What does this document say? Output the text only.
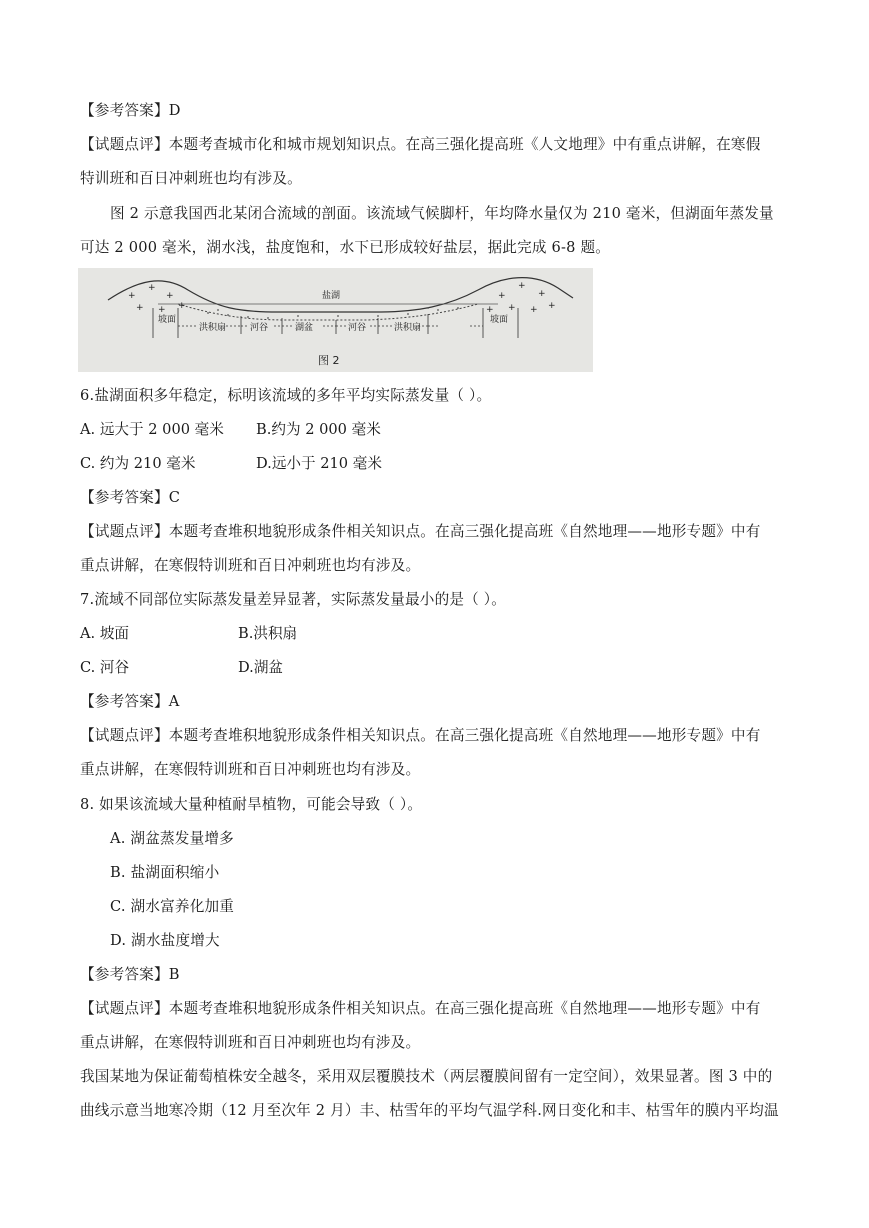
【参考答案】D
【试题点评】本题考查城市化和城市规划知识点。在高三强化提高班《人文地理》中有重点讲解，在寒假
特训班和百日冲刺班也均有涉及。
图 2 示意我国西北某闭合流域的剖面。该流域气候脚杆，年均降水量仅为 210 毫米，但湖面年蒸发量
可达 2 000 毫米，湖水浅，盐度饱和，水下已形成较好盐层，据此完成 6-8 题。
+
+
+
+ + +
+
+
+
+ + +
+
盐湖
坡面
洪积扇	河谷	湖盆	河谷	洪积扇
坡面
图 2
6.盐湖面积多年稳定，标明该流域的多年平均实际蒸发量（ ）。
A. 远大于 2 000 毫米 B.约为 2 000 毫米
C. 约为 210 毫米	D.远小于 210 毫米
【参考答案】C
【试题点评】本题考查堆积地貌形成条件相关知识点。在高三强化提高班《自然地理——地形专题》中有
重点讲解，在寒假特训班和百日冲刺班也均有涉及。
7.流域不同部位实际蒸发量差异显著，实际蒸发量最小的是（ ）。
A. 坡面	B.洪积扇
C. 河谷	D.湖盆
【参考答案】A
【试题点评】本题考查堆积地貌形成条件相关知识点。在高三强化提高班《自然地理——地形专题》中有
重点讲解，在寒假特训班和百日冲刺班也均有涉及。
8. 如果该流域大量种植耐旱植物，可能会导致（ ）。
A. 湖盆蒸发量增多
B. 盐湖面积缩小
C. 湖水富养化加重
D. 湖水盐度增大
【参考答案】B
【试题点评】本题考查堆积地貌形成条件相关知识点。在高三强化提高班《自然地理——地形专题》中有
重点讲解，在寒假特训班和百日冲刺班也均有涉及。
我国某地为保证葡萄植株安全越冬，采用双层覆膜技术（两层覆膜间留有一定空间），效果显著。图 3 中的
曲线示意当地寒冷期（12 月至次年 2 月）丰、枯雪年的平均气温学科.网日变化和丰、枯雪年的膜内平均温
